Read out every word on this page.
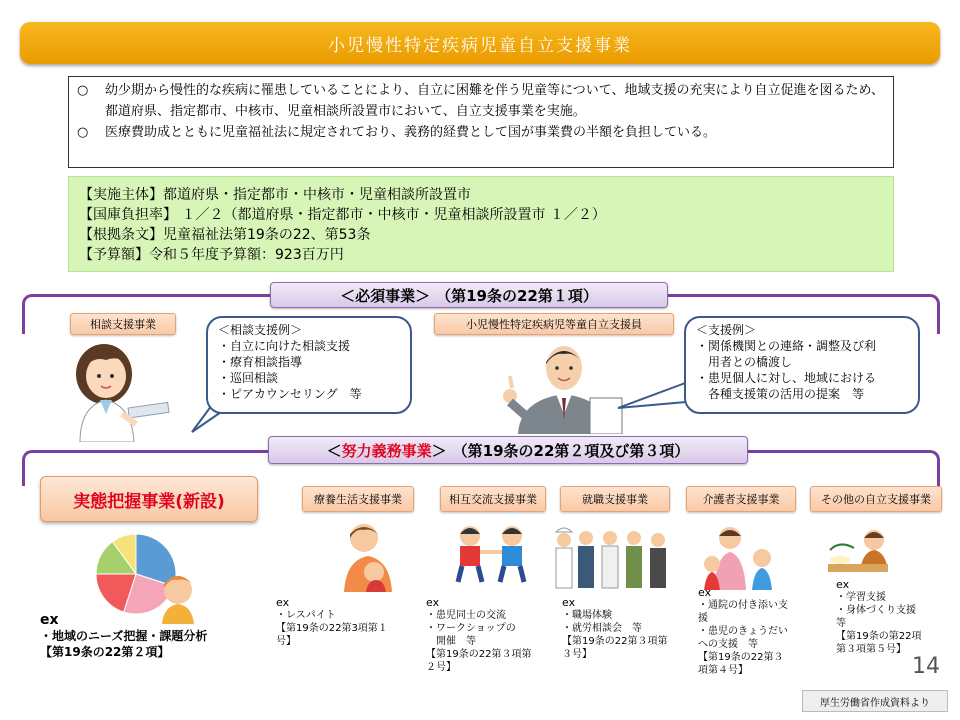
小児慢性特定疾病児童自立支援事業
○	幼少期から慢性的な疾病に罹患していることにより、自立に困難を伴う児童等について、地域支援の充実により自立促進を図るため、都道府県、指定都市、中核市、児童相談所設置市において、自立支援事業を実施。
○	医療費助成とともに児童福祉法に規定されており、義務的経費として国が事業費の半額を負担している。
【実施主体】都道府県・指定都市・中核市・児童相談所設置市
【国庫負担率】 １／２（都道府県・指定都市・中核市・児童相談所設置市 １／２）
【根拠条文】児童福祉法第19条の22、第53条
【予算額】令和５年度予算額：923百万円
＜必須事業＞ （第19条の22第１項）
相談支援事業	＜相談支援例＞
・自立に向けた相談支援
・療育相談指導
・巡回相談
・ピアカウンセリング　等
小児慢性特定疾病児等童自立支援員	＜支援例＞
・関係機関との連絡・調整及び利
　用者との橋渡し
・患児個人に対し、地域における
　各種支援策の活用の提案　等
＜ 努力義務事業 ＞ （第19条の22第２項及び第３項）
実態把握事業(新設)
ex
・地域のニーズ把握・課題分析
【第19条の22第２項】
療養生活支援事業	相互交流支援事業	就職支援事業	介護者支援事業	その他の自立支援事業
ex
・レスパイト
【第19条の22第3項第１
号】
ex
・患児同士の交流
・ワークショップの
　開催　等
【第19条の22第３項第
２号】
ex
・職場体験
・就労相談会　等
【第19条の22第３項第
３号】
ex
・通院の付き添い支
援
・患児のきょうだい
への支援　等
【第19条の22第３
項第４号】
ex
・学習支援
・身体づくり支援
等
【第19条の第22項
第３項第５号】
14
厚生労働省作成資料より
